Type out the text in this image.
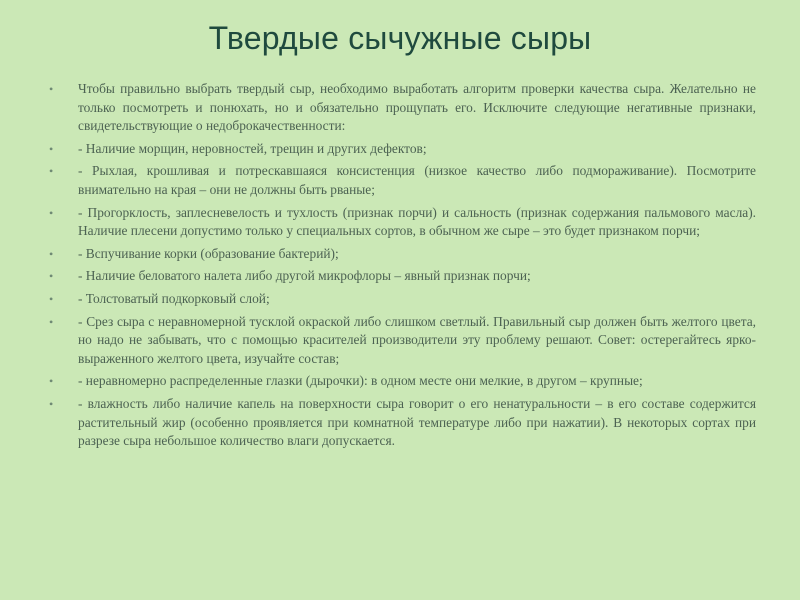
Твердые сычужные сыры
• Чтобы правильно выбрать твердый сыр, необходимо выработать алгоритм проверки качества сыра. Желательно не только посмотреть и понюхать, но и обязательно прощупать его. Исключите следующие негативные признаки, свидетельствующие о недоброкачественности:
• - Наличие морщин, неровностей, трещин и других дефектов;
• - Рыхлая, крошливая и потрескавшаяся консистенция (низкое качество либо подмораживание). Посмотрите внимательно на края – они не должны быть рваные;
• - Прогорклость, заплесневелость и тухлость (признак порчи) и сальность (признак содержания пальмового масла). Наличие плесени допустимо только у специальных сортов, в обычном же сыре – это будет признаком порчи;
• - Вспучивание корки (образование бактерий);
• - Наличие беловатого налета либо другой микрофлоры – явный признак порчи;
• - Толстоватый подкорковый слой;
• - Срез сыра с неравномерной тусклой окраской либо слишком светлый. Правильный сыр должен быть желтого цвета, но надо не забывать, что с помощью красителей производители эту проблему решают. Совет: остерегайтесь ярко-выраженного желтого цвета, изучайте состав;
• - неравномерно распределенные глазки (дырочки): в одном месте они мелкие, в другом – крупные;
• - влажность либо наличие капель на поверхности сыра говорит о его ненатуральности – в его составе содержится растительный жир (особенно проявляется при комнатной температуре либо при нажатии). В некоторых сортах при разрезе сыра небольшое количество влаги допускается.
